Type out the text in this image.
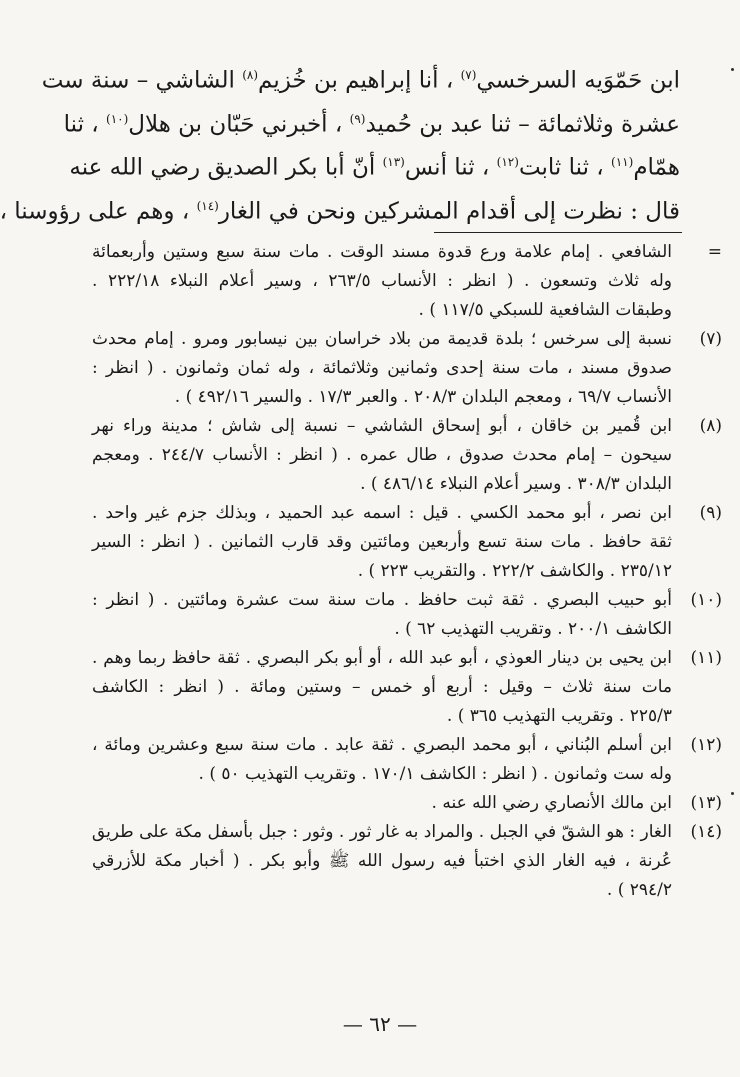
ابن حَمّوَيه السرخسي$^{(٧)}$ ، أنا إبراهيم بن خُزيم$^{(٨)}$ الشاشي – سنة ست
عشرة وثلاثمائة – ثنا عبد بن حُميد$^{(٩)}$ ، أخبرني حَبّان بن هلال$^{(١٠)}$ ، ثنا
همّام$^{(١١)}$ ، ثنا ثابت$^{(١٢)}$ ، ثنا أنس$^{(١٣)}$ أنّ أبا بكر الصديق رضي الله عنه
قال : نظرت إلى أقدام المشركين ونحن في الغار$^{(١٤)}$ ، وهم على رؤوسنا ،
=
الشافعي . إمام علامة ورع قدوة مسند الوقت . مات سنة سبع وستين وأربعمائة
وله ثلاث وتسعون . ( انظر : الأنساب ٢٦٣/٥ ، وسير أعلام النبلاء ٢٢٢/١٨ .
وطبقات الشافعية للسبكي ١١٧/٥ ) .
(٧)
نسبة إلى سرخس ؛ بلدة قديمة من بلاد خراسان بين نيسابور ومرو . إمام محدث
صدوق مسند ، مات سنة إحدى وثمانين وثلاثمائة ، وله ثمان وثمانون . ( انظر :
الأنساب ٦٩/٧ ، ومعجم البلدان ٢٠٨/٣ . والعبر ١٧/٣ . والسير ٤٩٢/١٦ ) .
(٨)
ابن قُمير بن خاقان ، أبو إسحاق الشاشي – نسبة إلى شاش ؛ مدينة وراء نهر
سيحون – إمام محدث صدوق ، طال عمره . ( انظر : الأنساب ٢٤٤/٧ . ومعجم
البلدان ٣٠٨/٣ . وسير أعلام النبلاء ٤٨٦/١٤ ) .
(٩)
ابن نصر ، أبو محمد الكسي . قيل : اسمه عبد الحميد ، وبذلك جزم غير واحد .
ثقة حافظ . مات سنة تسع وأربعين ومائتين وقد قارب الثمانين . ( انظر : السير
٢٣٥/١٢ . والكاشف ٢٢٢/٢ . والتقريب ٢٢٣ ) .
(١٠)
أبو حبيب البصري . ثقة ثبت حافظ . مات سنة ست عشرة ومائتين . ( انظر :
الكاشف ٢٠٠/١ . وتقريب التهذيب ٦٢ ) .
(١١)
ابن يحيى بن دينار العوذي ، أبو عبد الله ، أو أبو بكر البصري . ثقة حافظ ربما وهم .
مات سنة ثلاث – وقيل : أربع أو خمس – وستين ومائة . ( انظر : الكاشف
٢٢٥/٣ . وتقريب التهذيب ٣٦٥ ) .
(١٢)
ابن أسلم البُناني ، أبو محمد البصري . ثقة عابد . مات سنة سبع وعشرين ومائة ،
وله ست وثمانون . ( انظر : الكاشف ١٧٠/١ . وتقريب التهذيب ٥٠ ) .
(١٣)
ابن مالك الأنصاري رضي الله عنه .
(١٤)
الغار : هو الشقّ في الجبل . والمراد به غار ثور . وثور : جبل بأسفل مكة على طريق
عُرنة ، فيه الغار الذي اختبأ فيه رسول الله ﷺ وأبو بكر . ( أخبار مكة للأزرقي
٢٩٤/٢ ) .
— ٦٢ —
